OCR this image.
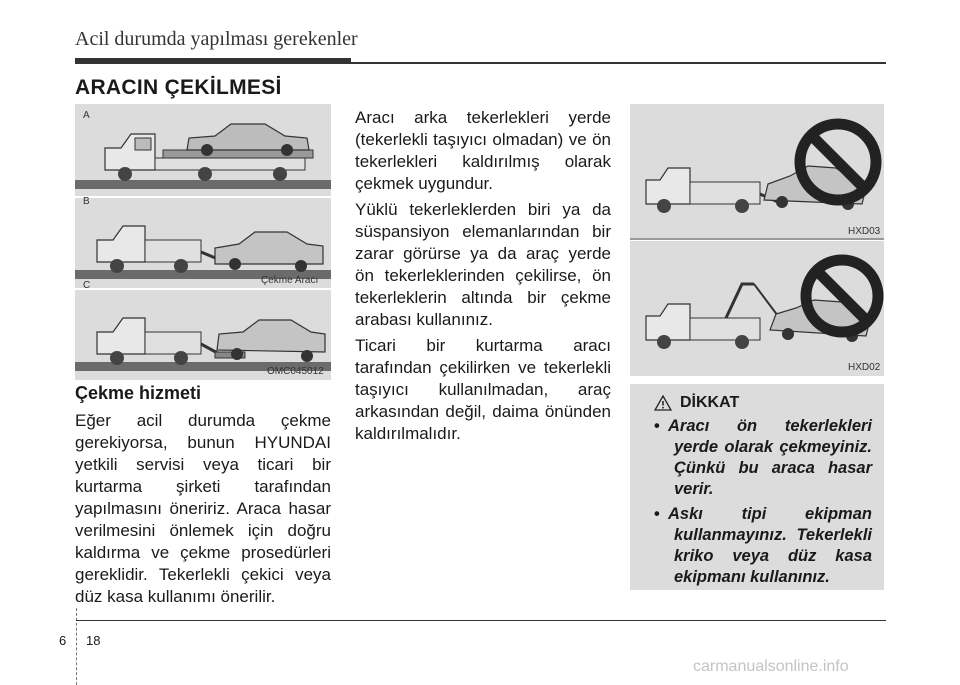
Acil durumda yapılması gerekenler
ARACIN ÇEKİLMESİ
A
B
C	Çekme Aracı
OMC045012
Çekme hizmeti

Eğer acil durumda çekme gerekiyorsa, bunun HYUNDAI yetkili servisi veya ticari bir kurtarma şirketi tarafından yapılmasını öneririz. Araca hasar verilmesini önlemek için doğru kaldırma ve çekme prosedürleri gereklidir. Tekerlekli çekici veya düz kasa kullanımı önerilir.

Aracı arka tekerlekleri yerde (tekerlekli taşıyıcı olmadan) ve ön tekerlekleri kaldırılmış olarak çekmek uygundur.

Yüklü tekerleklerden biri ya da süspansiyon elemanlarından bir zarar görürse ya da araç yerde ön tekerleklerinden çekilirse, ön tekerleklerin altında bir çekme arabası kullanınız.

Ticari bir kurtarma aracı tarafından çekilirken ve tekerlekli taşıyıcı kullanılmadan, araç arkasından değil, daima önünden kaldırılmalıdır.

HXD03
HXD02
DİKKAT
• Aracı ön tekerlekleri yerde olarak çekmeyiniz. Çünkü bu araca hasar verir.
• Askı tipi ekipman kullanmayınız. Tekerlekli kriko veya düz kasa ekipmanı kullanınız.
6 18
carmanualsonline.info
